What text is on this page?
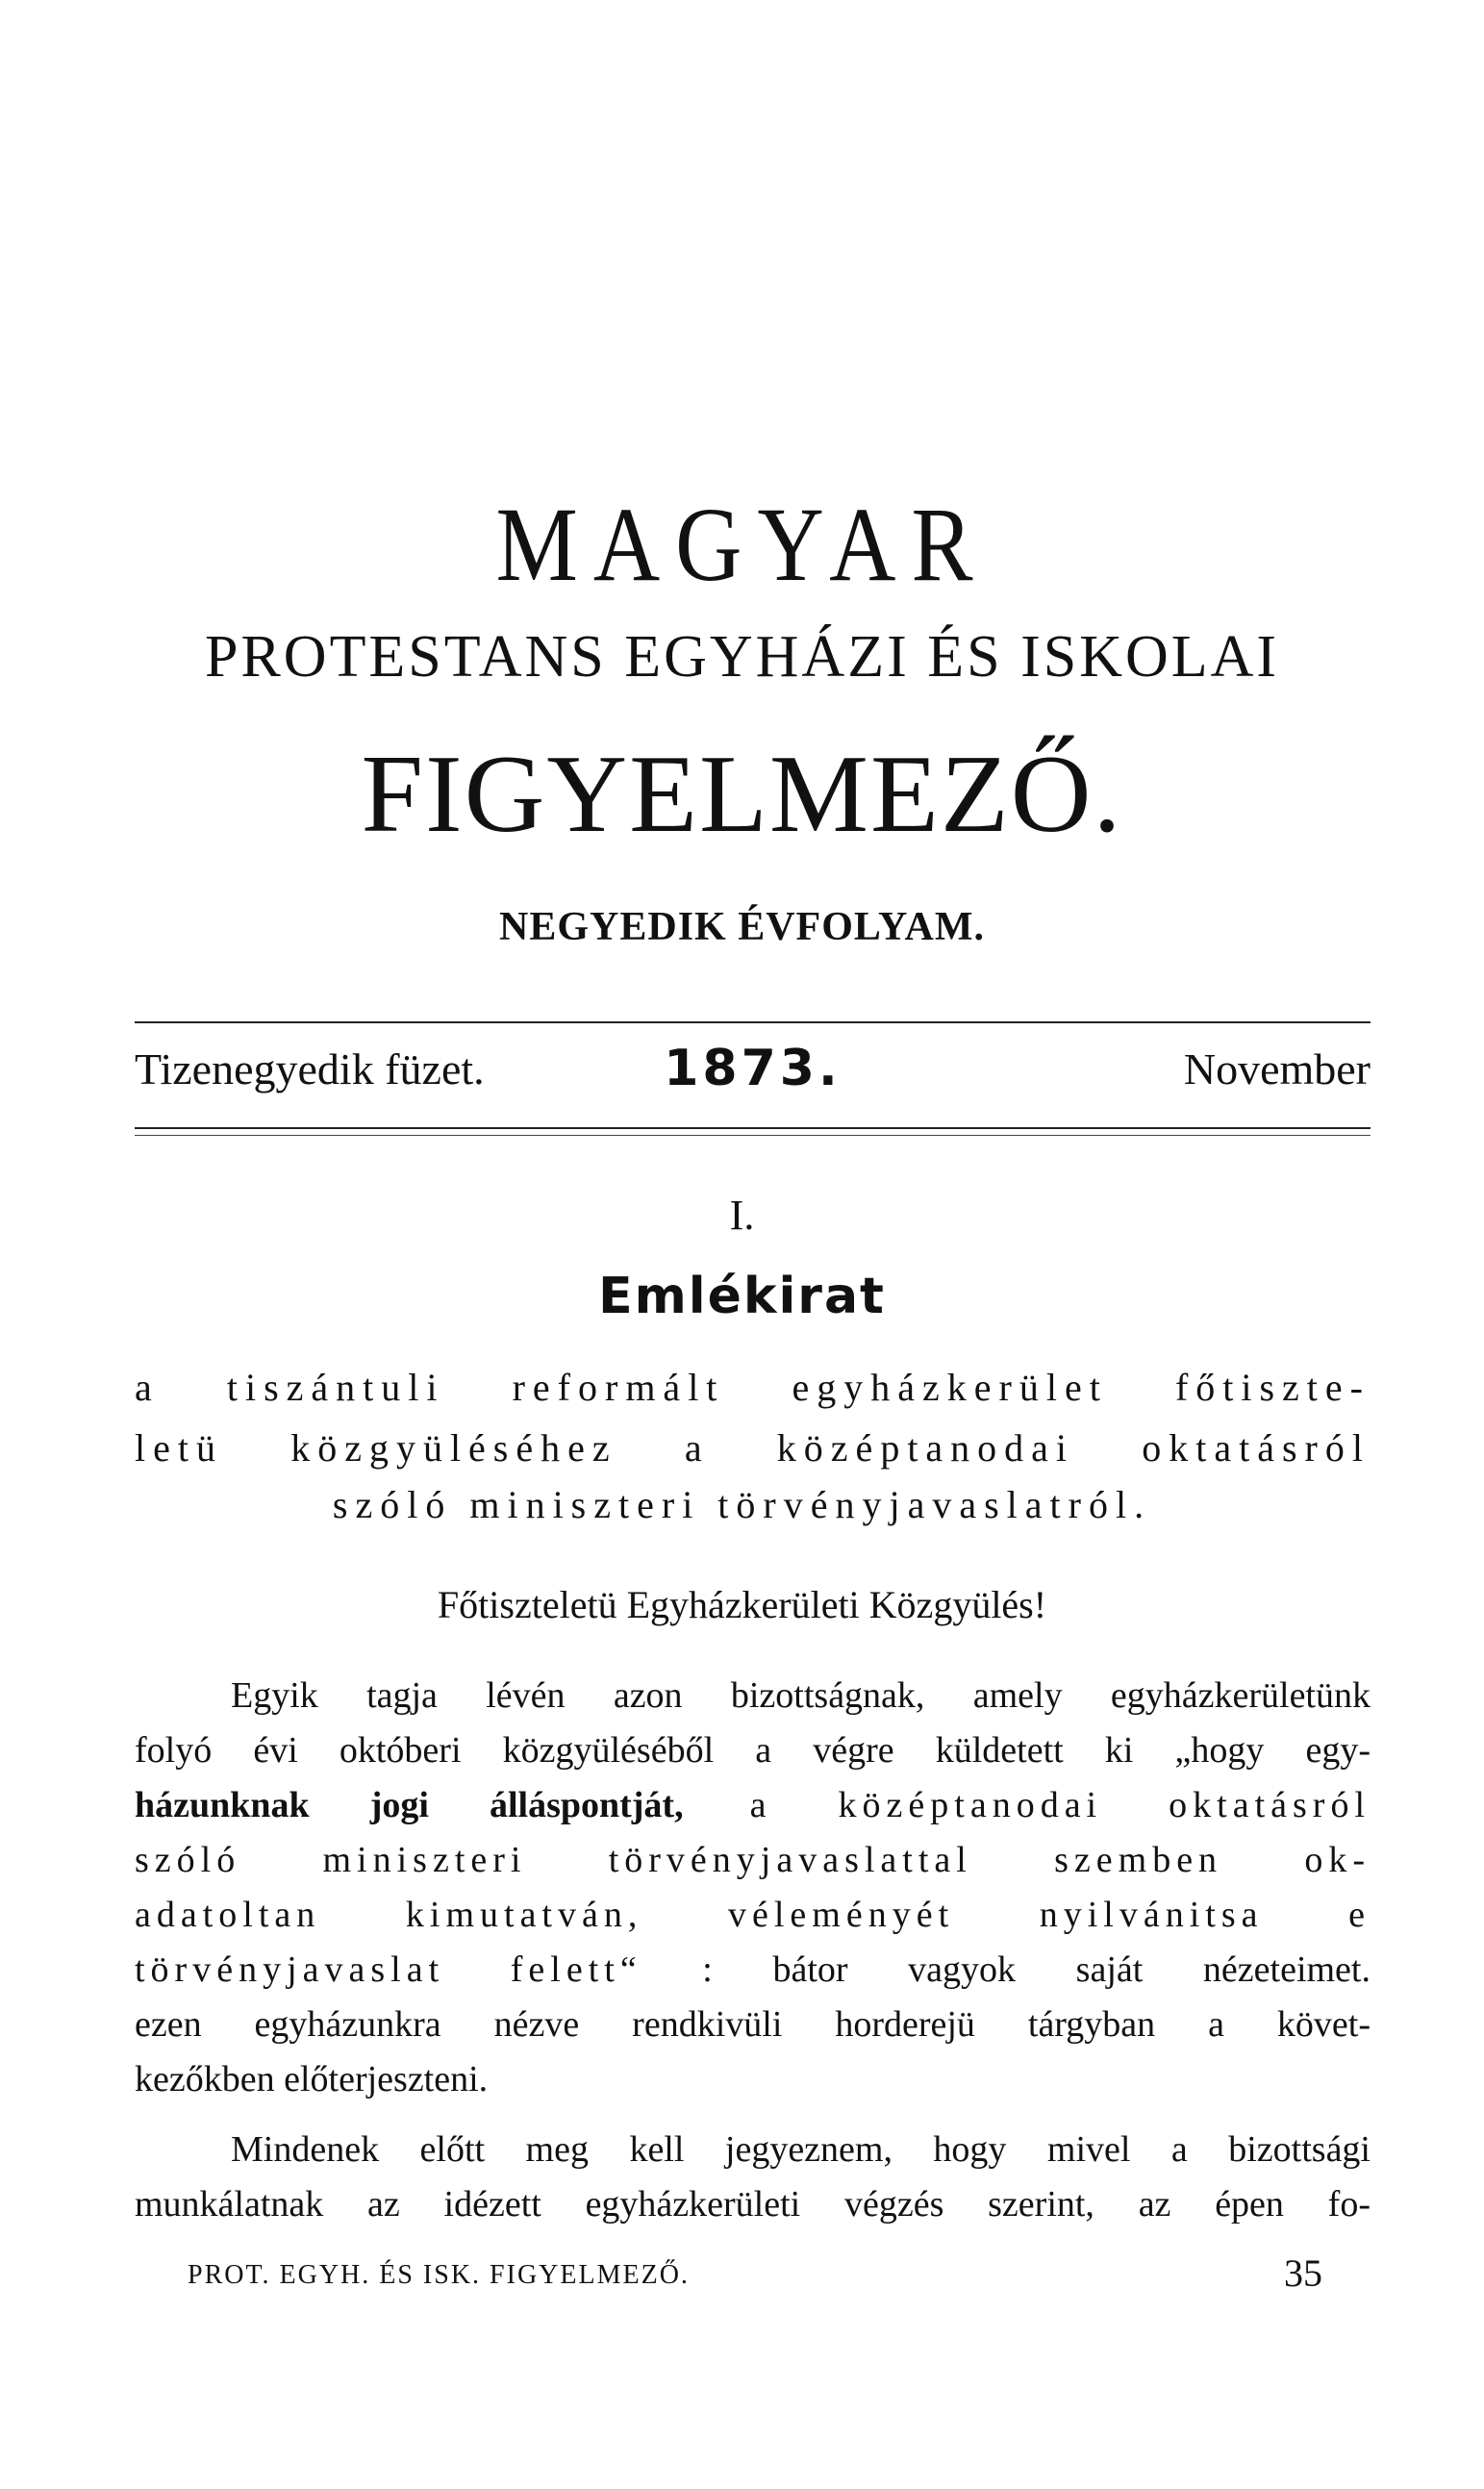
MAGYAR
PROTESTANS EGYHÁZI ÉS ISKOLAI
FIGYELMEZŐ.
NEGYEDIK ÉVFOLYAM.
Tizenegyedik füzet.	1873.	November
I.
Emlékirat
a tiszántuli reformált egyházkerület főtiszte-
letü közgyüléséhez a középtanodai oktatásról
szóló miniszteri törvényjavaslatról.
Főtiszteletü Egyházkerületi Közgyülés!
Egyik tagja lévén azon bizottságnak, amely egyházkerületünk
folyó évi októberi közgyüléséből a végre küldetett ki „hogy egy-
házunknak jogi álláspontját, a középtanodai oktatásról
szóló miniszteri törvényjavaslattal szemben ok-
adatoltan kimutatván, véleményét nyilvánitsa e
törvényjavaslat felett“ : bátor vagyok saját nézeteimet.
ezen egyházunkra nézve rendkivüli horderejü tárgyban a követ-
kezőkben előterjeszteni.
Mindenek előtt meg kell jegyeznem, hogy mivel a bizottsági
munkálatnak az idézett egyházkerületi végzés szerint, az épen fo-
PROT. EGYH. ÉS ISK. FIGYELMEZŐ.	35
